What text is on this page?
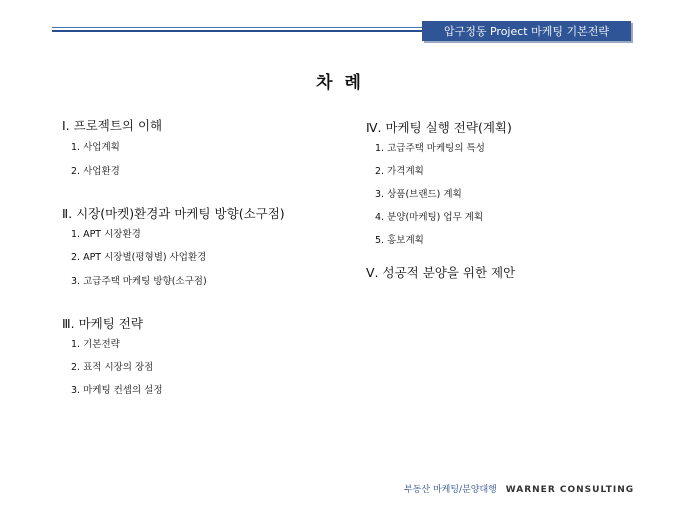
압구정동 Project 마케팅 기본전략
차 례
Ⅰ. 프로젝트의 이해
1. 사업계획
2. 사업환경
Ⅱ. 시장(마켓)환경과 마케팅 방향(소구점)
1. APT 시장환경
2. APT 시장별(평형별) 사업환경
3. 고급주택 마케팅 방향(소구점)
Ⅲ. 마케팅 전략
1. 기본전략
2. 표적 시장의 장점
3. 마케팅 컨셉의 설정
Ⅳ. 마케팅 실행 전략(계획)
1. 고급주택 마케팅의 특성
2. 가격계획
3. 상품(브랜드) 계획
4. 분양(마케팅) 업무 계획
5. 홍보계획
Ⅴ. 성공적 분양을 위한 제안
부동산 마케팅/분양대행 WARNER CONSULTING
